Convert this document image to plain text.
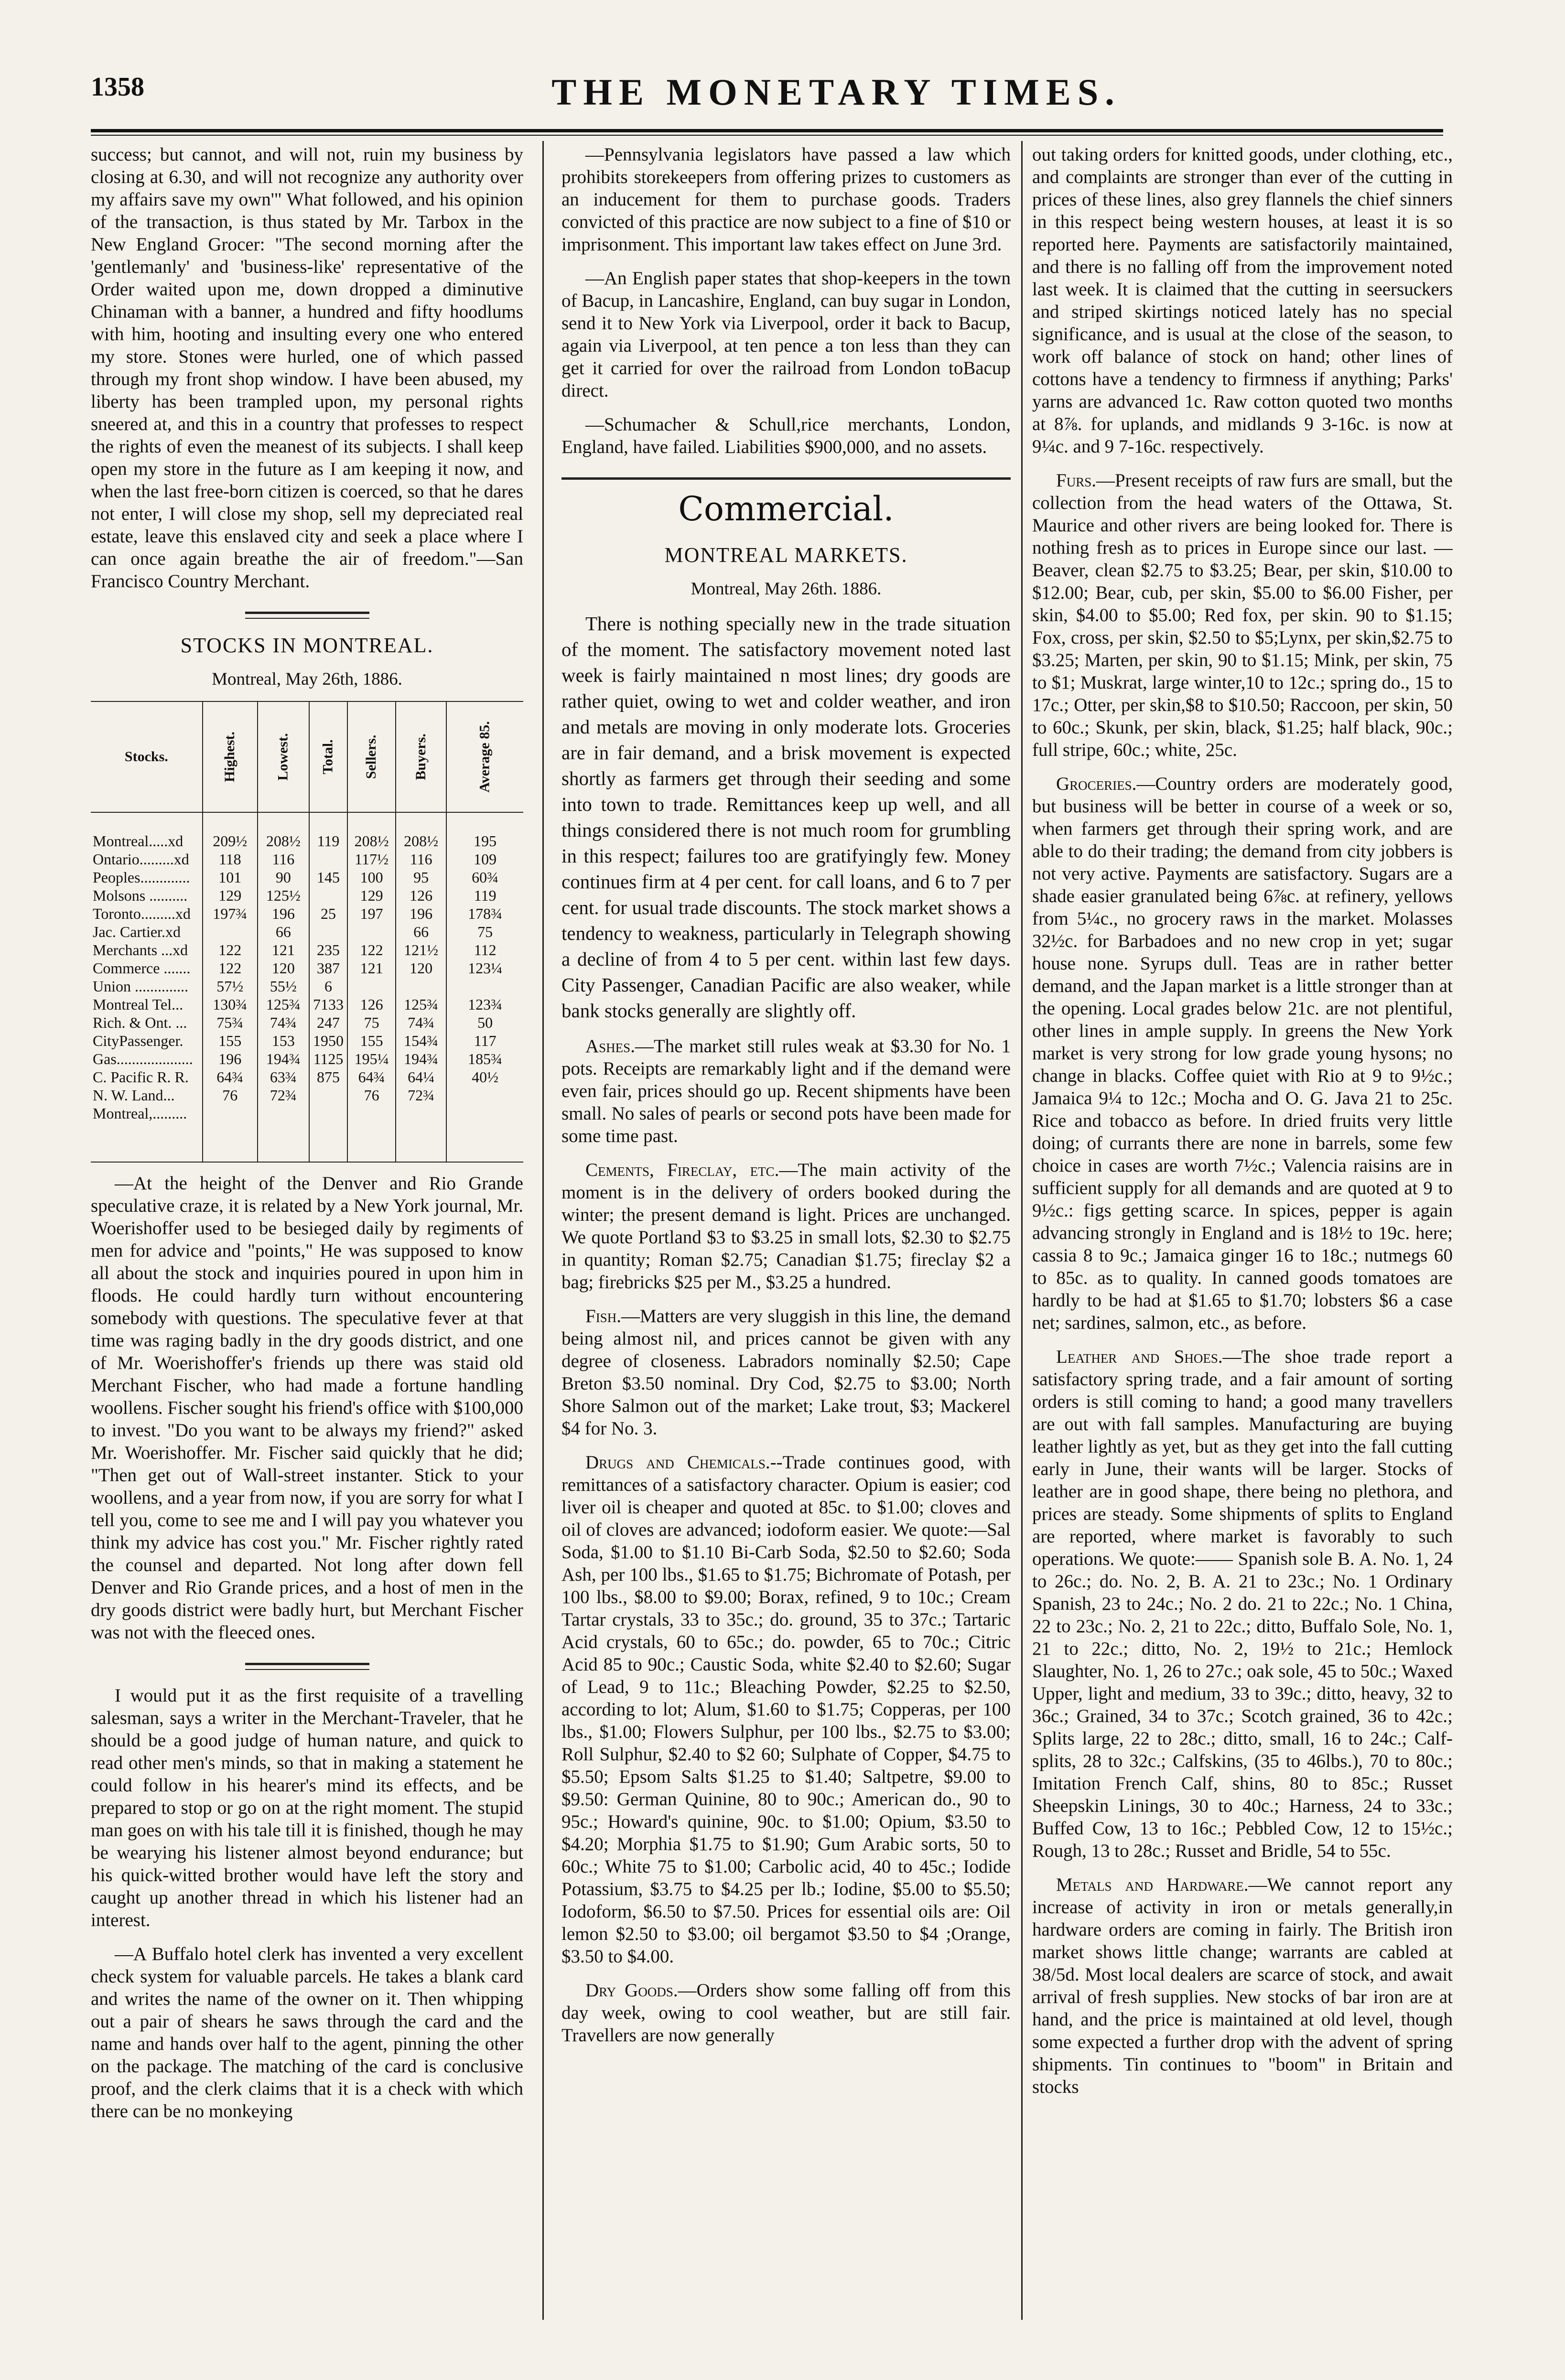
1358	THE MONETARY TIMES.

success; but cannot, and will not, ruin my business by closing at 6.30, and will not recognize any authority over my affairs save my own'" What followed, and his opinion of the transaction, is thus stated by Mr. Tarbox in the New England Grocer: "The second morning after the 'gentlemanly' and 'business-like' representative of the Order waited upon me, down dropped a diminutive Chinaman with a banner, a hundred and fifty hoodlums with him, hooting and insulting every one who entered my store. Stones were hurled, one of which passed through my front shop window. I have been abused, my liberty has been trampled upon, my personal rights sneered at, and this in a country that professes to respect the rights of even the meanest of its subjects. I shall keep open my store in the future as I am keeping it now, and when the last free-born citizen is coerced, so that he dares not enter, I will close my shop, sell my depreciated real estate, leave this enslaved city and seek a place where I can once again breathe the air of freedom."—San Francisco Country Merchant.

STOCKS IN MONTREAL.
Montreal, May 26th, 1886.
Stocks.	Highest.	Lowest.	Total.	Sellers.	Buyers.	Average 85.

Montreal.....xd	209½	208½	119	208½	208½	195
Ontario.........xd	118	116		117½	116	109
Peoples.............	101	90	145	100	95	60¾
Molsons ..........	129	125½		129	126	119
Toronto.........xd	197¾	196	25	197	196	178¾
Jac. Cartier.xd		66			66	75
Merchants ...xd	122	121	235	122	121½	112
Commerce .......	122	120	387	121	120	123¼
Union ..............	57½	55½	6			
Montreal Tel...	130¾	125¾	7133	126	125¾	123¾
Rich. & Ont. ...	75¾	74¾	247	75	74¾	50
CityPassenger.	155	153	1950	155	154¾	117
Gas....................	196	194¾	1125	195¼	194¾	185¾
C. Pacific R. R.	64¾	63¾	875	64¾	64¼	40½
N. W. Land...	76	72¾		76	72¾	
Montreal,.........						

—At the height of the Denver and Rio Grande speculative craze, it is related by a New York journal, Mr. Woerishoffer used to be besieged daily by regiments of men for advice and "points," He was supposed to know all about the stock and inquiries poured in upon him in floods. He could hardly turn without encountering somebody with questions. The speculative fever at that time was raging badly in the dry goods district, and one of Mr. Woerishoffer's friends up there was staid old Merchant Fischer, who had made a fortune handling woollens. Fischer sought his friend's office with $100,000 to invest. "Do you want to be always my friend?" asked Mr. Woerishoffer. Mr. Fischer said quickly that he did; "Then get out of Wall-street instanter. Stick to your woollens, and a year from now, if you are sorry for what I tell you, come to see me and I will pay you whatever you think my advice has cost you." Mr. Fischer rightly rated the counsel and departed. Not long after down fell Denver and Rio Grande prices, and a host of men in the dry goods district were badly hurt, but Merchant Fischer was not with the fleeced ones.

I would put it as the first requisite of a travelling salesman, says a writer in the Merchant-Traveler, that he should be a good judge of human nature, and quick to read other men's minds, so that in making a statement he could follow in his hearer's mind its effects, and be prepared to stop or go on at the right moment. The stupid man goes on with his tale till it is finished, though he may be wearying his listener almost beyond endurance; but his quick-witted brother would have left the story and caught up another thread in which his listener had an interest.

—A Buffalo hotel clerk has invented a very excellent check system for valuable parcels. He takes a blank card and writes the name of the owner on it. Then whipping out a pair of shears he saws through the card and the name and hands over half to the agent, pinning the other on the package. The matching of the card is conclusive proof, and the clerk claims that it is a check with which there can be no monkeying

—Pennsylvania legislators have passed a law which prohibits storekeepers from offering prizes to customers as an inducement for them to purchase goods. Traders convicted of this practice are now subject to a fine of $10 or imprisonment. This important law takes effect on June 3rd.

—An English paper states that shop-keepers in the town of Bacup, in Lancashire, England, can buy sugar in London, send it to New York via Liverpool, order it back to Bacup, again via Liverpool, at ten pence a ton less than they can get it carried for over the railroad from London toBacup direct.

—Schumacher & Schull,rice merchants, London, England, have failed. Liabilities $900,000, and no assets.

Commercial.
MONTREAL MARKETS.
Montreal, May 26th. 1886.

There is nothing specially new in the trade situation of the moment. The satisfactory movement noted last week is fairly maintained n most lines; dry goods are rather quiet, owing to wet and colder weather, and iron and metals are moving in only moderate lots. Groceries are in fair demand, and a brisk movement is expected shortly as farmers get through their seeding and some into town to trade. Remittances keep up well, and all things considered there is not much room for grumbling in this respect; failures too are gratifyingly few. Money continues firm at 4 per cent. for call loans, and 6 to 7 per cent. for usual trade discounts. The stock market shows a tendency to weakness, particularly in Telegraph showing a decline of from 4 to 5 per cent. within last few days. City Passenger, Canadian Pacific are also weaker, while bank stocks generally are slightly off.

Ashes.—The market still rules weak at $3.30 for No. 1 pots. Receipts are remarkably light and if the demand were even fair, prices should go up. Recent shipments have been small. No sales of pearls or second pots have been made for some time past.

Cements, Fireclay, etc.—The main activity of the moment is in the delivery of orders booked during the winter; the present demand is light. Prices are unchanged. We quote Portland $3 to $3.25 in small lots, $2.30 to $2.75 in quantity; Roman $2.75; Canadian $1.75; fireclay $2 a bag; firebricks $25 per M., $3.25 a hundred.

Fish.—Matters are very sluggish in this line, the demand being almost nil, and prices cannot be given with any degree of closeness. Labradors nominally $2.50; Cape Breton $3.50 nominal. Dry Cod, $2.75 to $3.00; North Shore Salmon out of the market; Lake trout, $3; Mackerel $4 for No. 3.

Drugs and Chemicals.--Trade continues good, with remittances of a satisfactory character. Opium is easier; cod liver oil is cheaper and quoted at 85c. to $1.00; cloves and oil of cloves are advanced; iodoform easier. We quote:—Sal Soda, $1.00 to $1.10 Bi-Carb Soda, $2.50 to $2.60; Soda Ash, per 100 lbs., $1.65 to $1.75; Bichromate of Potash, per 100 lbs., $8.00 to $9.00; Borax, refined, 9 to 10c.; Cream Tartar crystals, 33 to 35c.; do. ground, 35 to 37c.; Tartaric Acid crystals, 60 to 65c.; do. powder, 65 to 70c.; Citric Acid 85 to 90c.; Caustic Soda, white $2.40 to $2.60; Sugar of Lead, 9 to 11c.; Bleaching Powder, $2.25 to $2.50, according to lot; Alum, $1.60 to $1.75; Copperas, per 100 lbs., $1.00; Flowers Sulphur, per 100 lbs., $2.75 to $3.00; Roll Sulphur, $2.40 to $2 60; Sulphate of Copper, $4.75 to $5.50; Epsom Salts $1.25 to $1.40; Saltpetre, $9.00 to $9.50: German Quinine, 80 to 90c.; American do., 90 to 95c.; Howard's quinine, 90c. to $1.00; Opium, $3.50 to $4.20; Morphia $1.75 to $1.90; Gum Arabic sorts, 50 to 60c.; White 75 to $1.00; Carbolic acid, 40 to 45c.; Iodide Potassium, $3.75 to $4.25 per lb.; Iodine, $5.00 to $5.50; Iodoform, $6.50 to $7.50. Prices for essential oils are: Oil lemon $2.50 to $3.00; oil bergamot $3.50 to $4 ;Orange, $3.50 to $4.00.

Dry Goods.—Orders show some falling off from this day week, owing to cool weather, but are still fair. Travellers are now generally

out taking orders for knitted goods, under clothing, etc., and complaints are stronger than ever of the cutting in prices of these lines, also grey flannels the chief sinners in this respect being western houses, at least it is so reported here. Payments are satisfactorily maintained, and there is no falling off from the improvement noted last week. It is claimed that the cutting in seersuckers and striped skirtings noticed lately has no special significance, and is usual at the close of the season, to work off balance of stock on hand; other lines of cottons have a tendency to firmness if anything; Parks' yarns are advanced 1c. Raw cotton quoted two months at 8⅞. for uplands, and midlands 9 3-16c. is now at 9¼c. and 9 7-16c. respectively.

Furs.—Present receipts of raw furs are small, but the collection from the head waters of the Ottawa, St. Maurice and other rivers are being looked for. There is nothing fresh as to prices in Europe since our last. —Beaver, clean $2.75 to $3.25; Bear, per skin, $10.00 to $12.00; Bear, cub, per skin, $5.00 to $6.00 Fisher, per skin, $4.00 to $5.00; Red fox, per skin. 90 to $1.15; Fox, cross, per skin, $2.50 to $5;Lynx, per skin,$2.75 to $3.25; Marten, per skin, 90 to $1.15; Mink, per skin, 75 to $1; Muskrat, large winter,10 to 12c.; spring do., 15 to 17c.; Otter, per skin,$8 to $10.50; Raccoon, per skin, 50 to 60c.; Skunk, per skin, black, $1.25; half black, 90c.; full stripe, 60c.; white, 25c.

Groceries.—Country orders are moderately good, but business will be better in course of a week or so, when farmers get through their spring work, and are able to do their trading; the demand from city jobbers is not very active. Payments are satisfactory. Sugars are a shade easier granulated being 6⅞c. at refinery, yellows from 5¼c., no grocery raws in the market. Molasses 32½c. for Barbadoes and no new crop in yet; sugar house none. Syrups dull. Teas are in rather better demand, and the Japan market is a little stronger than at the opening. Local grades below 21c. are not plentiful, other lines in ample supply. In greens the New York market is very strong for low grade young hysons; no change in blacks. Coffee quiet with Rio at 9 to 9½c.; Jamaica 9¼ to 12c.; Mocha and O. G. Java 21 to 25c. Rice and tobacco as before. In dried fruits very little doing; of currants there are none in barrels, some few choice in cases are worth 7½c.; Valencia raisins are in sufficient supply for all demands and are quoted at 9 to 9½c.: figs getting scarce. In spices, pepper is again advancing strongly in England and is 18½ to 19c. here; cassia 8 to 9c.; Jamaica ginger 16 to 18c.; nutmegs 60 to 85c. as to quality. In canned goods tomatoes are hardly to be had at $1.65 to $1.70; lobsters $6 a case net; sardines, salmon, etc., as before.

Leather and Shoes.—The shoe trade report a satisfactory spring trade, and a fair amount of sorting orders is still coming to hand; a good many travellers are out with fall samples. Manufacturing are buying leather lightly as yet, but as they get into the fall cutting early in June, their wants will be larger. Stocks of leather are in good shape, there being no plethora, and prices are steady. Some shipments of splits to England are reported, where market is favorably to such operations. We quote:—— Spanish sole B. A. No. 1, 24 to 26c.; do. No. 2, B. A. 21 to 23c.; No. 1 Ordinary Spanish, 23 to 24c.; No. 2 do. 21 to 22c.; No. 1 China, 22 to 23c.; No. 2, 21 to 22c.; ditto, Buffalo Sole, No. 1, 21 to 22c.; ditto, No. 2, 19½ to 21c.; Hemlock Slaughter, No. 1, 26 to 27c.; oak sole, 45 to 50c.; Waxed Upper, light and medium, 33 to 39c.; ditto, heavy, 32 to 36c.; Grained, 34 to 37c.; Scotch grained, 36 to 42c.; Splits large, 22 to 28c.; ditto, small, 16 to 24c.; Calf-splits, 28 to 32c.; Calfskins, (35 to 46lbs.), 70 to 80c.; Imitation French Calf, shins, 80 to 85c.; Russet Sheepskin Linings, 30 to 40c.; Harness, 24 to 33c.; Buffed Cow, 13 to 16c.; Pebbled Cow, 12 to 15½c.; Rough, 13 to 28c.; Russet and Bridle, 54 to 55c.

Metals and Hardware.—We cannot report any increase of activity in iron or metals generally,in hardware orders are coming in fairly. The British iron market shows little change; warrants are cabled at 38/5d. Most local dealers are scarce of stock, and await arrival of fresh supplies. New stocks of bar iron are at hand, and the price is maintained at old level, though some expected a further drop with the advent of spring shipments. Tin continues to "boom" in Britain and stocks
